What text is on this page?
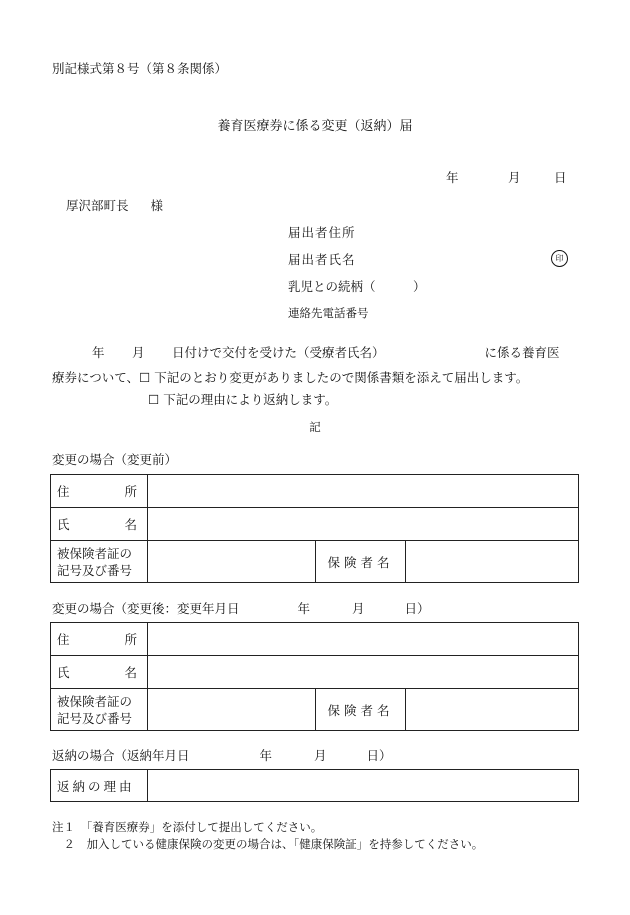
別記様式第８号（第８条関係）
養育医療券に係る変更（返納）届
年	月	日
厚沢部町長 様
届出者住所
届出者氏名	印
乳児との続柄（　　　）
連絡先電話番号
年 月 日付けで交付を受けた（受療者氏名）	に係る養育医
療券について、☐ 下記のとおり変更がありましたので関係書類を添えて届出します。
☐ 下記の理由により返納します。
記
変更の場合（変更前）
住 所			

氏 名			

被保険者証の
記号及び番号		保険者名	
変更の場合（変更後：変更年月日	年	月	日）
住 所			

氏 名			

被保険者証の
記号及び番号		保険者名	
返納の場合（返納年月日	年	月	日）
返納の理由	
注１　「養育医療券」を添付して提出してください。
　２　加入している健康保険の変更の場合は、「健康保険証」を持参してください。
